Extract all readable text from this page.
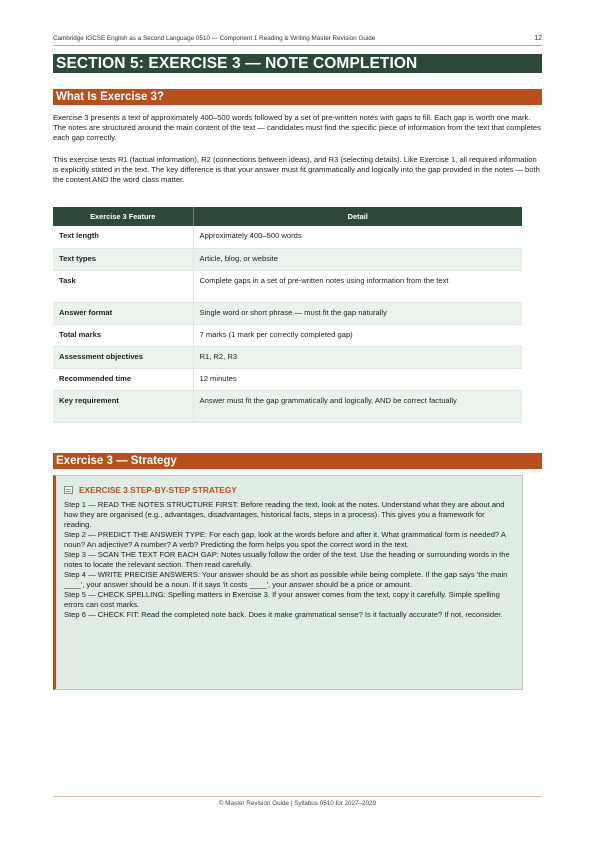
Cambridge IGCSE English as a Second Language 0510 — Component 1 Reading & Writing Master Revision Guide	12
SECTION 5: EXERCISE 3 — NOTE COMPLETION
What Is Exercise 3?

Exercise 3 presents a text of approximately 400–500 words followed by a set of pre-written notes with gaps to fill. Each gap is worth one mark. The notes are structured around the main content of the text — candidates must find the specific piece of information from the text that completes each gap correctly.

This exercise tests R1 (factual information), R2 (connections between ideas), and R3 (selecting details). Like Exercise 1, all required information is explicitly stated in the text. The key difference is that your answer must fit grammatically and logically into the gap provided in the notes — both the content AND the word class matter.

Exercise 3 Feature	Detail
Text length	Approximately 400–500 words
Text types	Article, blog, or website
Task	Complete gaps in a set of pre-written notes using information from the text
Answer format	Single word or short phrase — must fit the gap naturally
Total marks	7 marks (1 mark per correctly completed gap)
Assessment objectives	R1, R2, R3
Recommended time	12 minutes
Key requirement	Answer must fit the gap grammatically and logically, AND be correct factually
Exercise 3 — Strategy
EXERCISE 3 STEP-BY-STEP STRATEGY

Step 1 — READ THE NOTES STRUCTURE FIRST: Before reading the text, look at the notes. Understand what they are about and how they are organised (e.g., advantages, disadvantages, historical facts, steps in a process). This gives you a framework for reading.

Step 2 — PREDICT THE ANSWER TYPE: For each gap, look at the words before and after it. What grammatical form is needed? A noun? An adjective? A number? A verb? Predicting the form helps you spot the correct word in the text.

Step 3 — SCAN THE TEXT FOR EACH GAP: Notes usually follow the order of the text. Use the heading or surrounding words in the notes to locate the relevant section. Then read carefully.

Step 4 — WRITE PRECISE ANSWERS: Your answer should be as short as possible while being complete. If the gap says 'the main ____', your answer should be a noun. If it says 'it costs ____', your answer should be a price or amount.

Step 5 — CHECK SPELLING: Spelling matters in Exercise 3. If your answer comes from the text, copy it carefully. Simple spelling errors can cost marks.

Step 6 — CHECK FIT: Read the completed note back. Does it make grammatical sense? Is it factually accurate? If not, reconsider.

© Master Revision Guide | Syllabus 0510 for 2027–2029
